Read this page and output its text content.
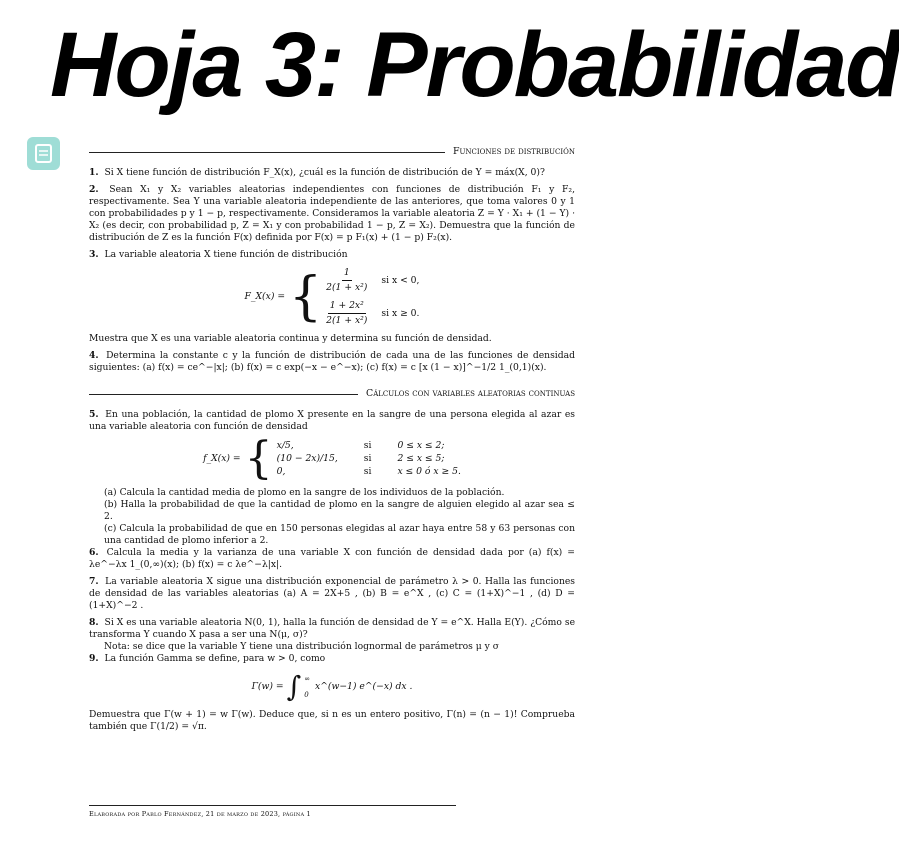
Hoja 3: Probabilidad
Funciones de distribución
1. Si X tiene función de distribución F_X(x), ¿cuál es la función de distribución de Y = máx(X, 0)?
2. Sean X₁ y X₂ variables aleatorias independientes con funciones de distribución F₁ y F₂, respectivamente. Sea Y una variable aleatoria independiente de las anteriores, que toma valores 0 y 1 con probabilidades p y 1 − p, respectivamente. Consideramos la variable aleatoria Z = Y · X₁ + (1 − Y) · X₂ (es decir, con probabilidad p, Z = X₁ y con probabilidad 1 − p, Z = X₂). Demuestra que la función de distribución de Z es la función F(x) definida por F(x) = p F₁(x) + (1 − p) F₂(x).
3. La variable aleatoria X tiene función de distribución
F_X(x) = { $\frac{1}{\text{2(1 + x²)}}$ si x < 0,
$\frac{\text{1 + 2x²}}{\text{2(1 + x²)}}$ si x ≥ 0.
Muestra que X es una variable aleatoria continua y determina su función de densidad.
4. Determina la constante c y la función de distribución de cada una de las funciones de densidad siguientes: (a) f(x) = ce^−|x|; (b) f(x) = c exp(−x − e^−x); (c) f(x) = c [x (1 − x)]^−1/2 1_(0,1)(x).
Cálculos con variables aleatorias continuas
5. En una población, la cantidad de plomo X presente en la sangre de una persona elegida al azar es una variable aleatoria con función de densidad
f_X(x) = { x/5,	si	0 ≤ x ≤ 2;
(10 − 2x)/15,	si	2 ≤ x ≤ 5;
0,	si	x ≤ 0 ó x ≥ 5.
(a) Calcula la cantidad media de plomo en la sangre de los individuos de la población.
(b) Halla la probabilidad de que la cantidad de plomo en la sangre de alguien elegido al azar sea ≤ 2.
(c) Calcula la probabilidad de que en 150 personas elegidas al azar haya entre 58 y 63 personas con una cantidad de plomo inferior a 2.
6. Calcula la media y la varianza de una variable X con función de densidad dada por (a) f(x) = λe^−λx 1_(0,∞)(x); (b) f(x) = c λe^−λ|x|.
7. La variable aleatoria X sigue una distribución exponencial de parámetro λ > 0. Halla las funciones de densidad de las variables aleatorias (a) A = 2X+5 , (b) B = e^X , (c) C = (1+X)^−1 , (d) D = (1+X)^−2 .
8. Si X es una variable aleatoria N(0, 1), halla la función de densidad de Y = e^X. Halla E(Y). ¿Cómo se transforma Y cuando X pasa a ser una N(μ, σ)?
Nota: se dice que la variable Y tiene una distribución lognormal de parámetros μ y σ
9. La función Gamma se define, para w > 0, como
Γ(w) = ∫ ∞
0
x^(w−1) e^(−x) dx .
Demuestra que Γ(w + 1) = w Γ(w). Deduce que, si n es un entero positivo, Γ(n) = (n − 1)! Comprueba también que Γ(1/2) = √π.
Elaborada por Pablo Fernández, 21 de marzo de 2023, página 1
